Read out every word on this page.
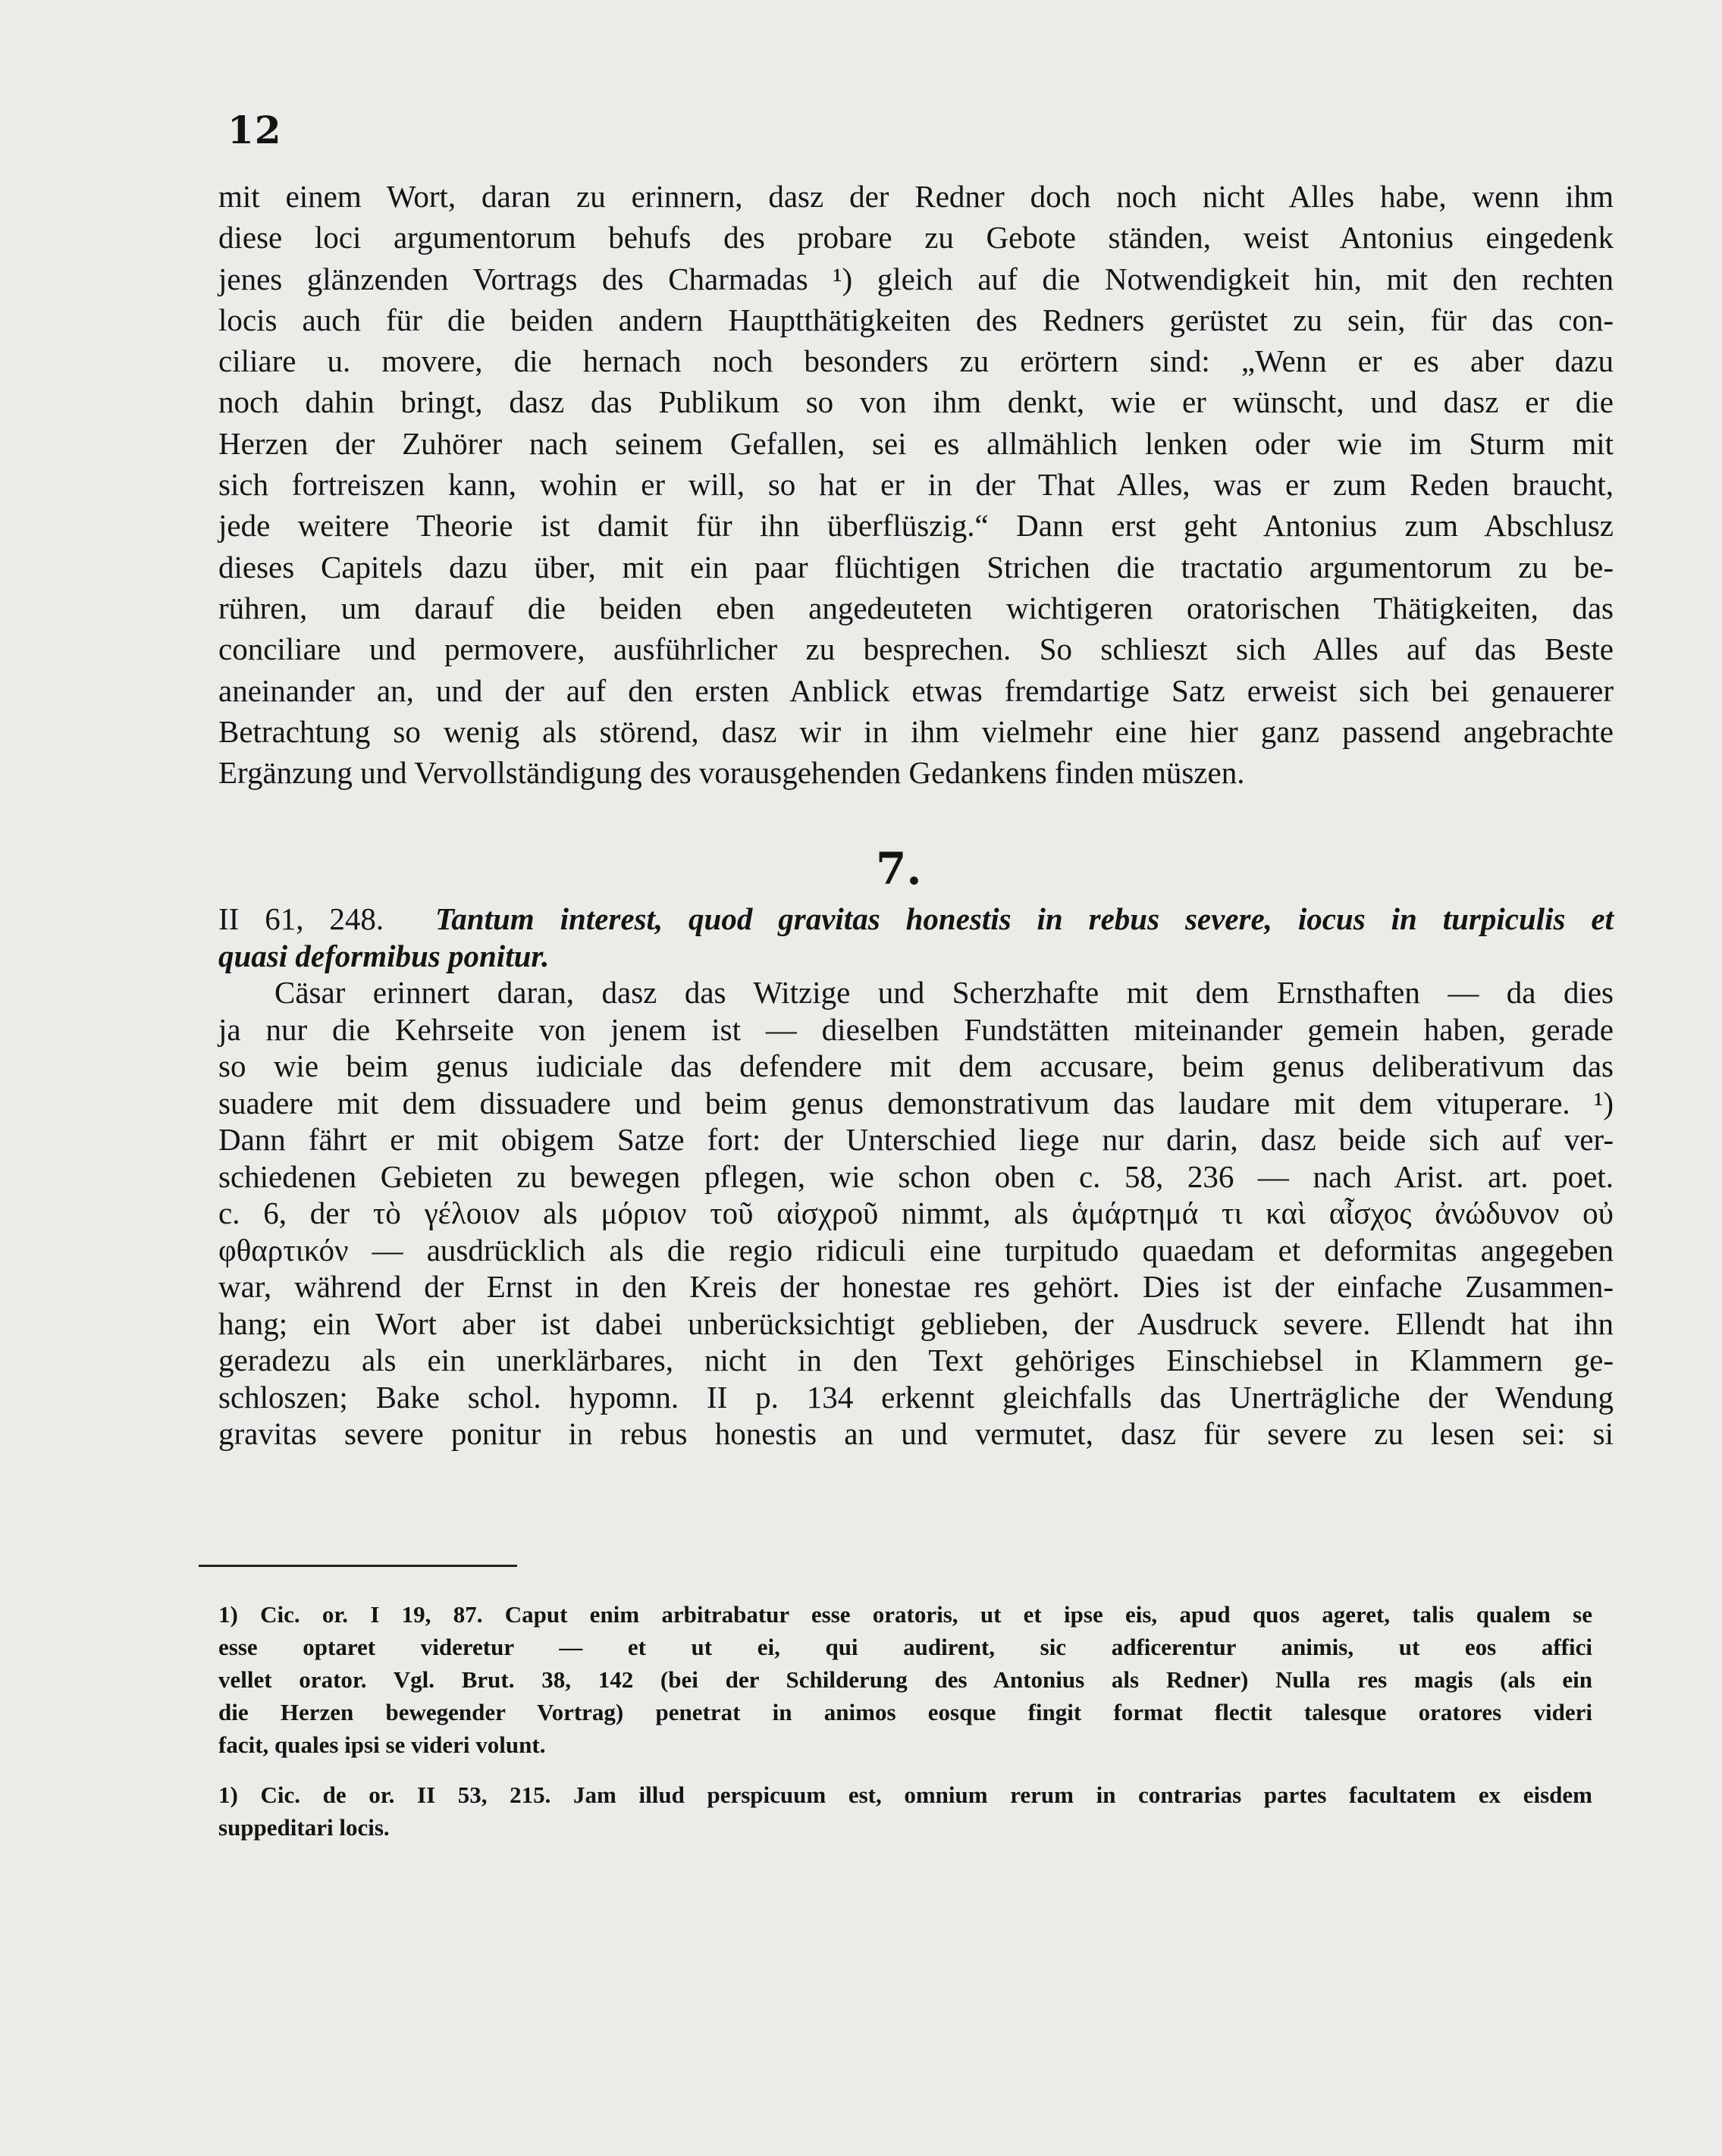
12
mit einem Wort, daran zu erinnern, dasz der Redner doch noch nicht Alles habe, wenn ihm
diese loci argumentorum behufs des probare zu Gebote ständen, weist Antonius eingedenk
jenes glänzenden Vortrags des Charmadas ¹) gleich auf die Notwendigkeit hin, mit den rechten
locis auch für die beiden andern Hauptthätigkeiten des Redners gerüstet zu sein, für das con-
ciliare u. movere, die hernach noch besonders zu erörtern sind: „Wenn er es aber dazu
noch dahin bringt, dasz das Publikum so von ihm denkt, wie er wünscht, und dasz er die
Herzen der Zuhörer nach seinem Gefallen, sei es allmählich lenken oder wie im Sturm mit
sich fortreiszen kann, wohin er will, so hat er in der That Alles, was er zum Reden braucht,
jede weitere Theorie ist damit für ihn überflüszig.“ Dann erst geht Antonius zum Abschlusz
dieses Capitels dazu über, mit ein paar flüchtigen Strichen die tractatio argumentorum zu be-
rühren, um darauf die beiden eben angedeuteten wichtigeren oratorischen Thätigkeiten, das
conciliare und permovere, ausführlicher zu besprechen. So schlieszt sich Alles auf das Beste
aneinander an, und der auf den ersten Anblick etwas fremdartige Satz erweist sich bei genauerer
Betrachtung so wenig als störend, dasz wir in ihm vielmehr eine hier ganz passend angebrachte
Ergänzung und Vervollständigung des vorausgehenden Gedankens finden müszen.
7.
II 61, 248. Tantum interest, quod gravitas honestis in rebus severe, iocus in turpiculis et
quasi deformibus ponitur.
Cäsar erinnert daran, dasz das Witzige und Scherzhafte mit dem Ernsthaften — da dies
ja nur die Kehrseite von jenem ist — dieselben Fundstätten miteinander gemein haben, gerade
so wie beim genus iudiciale das defendere mit dem accusare, beim genus deliberativum das
suadere mit dem dissuadere und beim genus demonstrativum das laudare mit dem vituperare. ¹)
Dann fährt er mit obigem Satze fort: der Unterschied liege nur darin, dasz beide sich auf ver-
schiedenen Gebieten zu bewegen pflegen, wie schon oben c. 58, 236 — nach Arist. art. poet.
c. 6, der τὸ γέλοιον als μόριον τοῦ αἰσχροῦ nimmt, als ἁμάρτημά τι καὶ αἶσχος ἀνώδυνον οὐ
φθαρτικόν — ausdrücklich als die regio ridiculi eine turpitudo quaedam et deformitas angegeben
war, während der Ernst in den Kreis der honestae res gehört. Dies ist der einfache Zusammen-
hang; ein Wort aber ist dabei unberücksichtigt geblieben, der Ausdruck severe. Ellendt hat ihn
geradezu als ein unerklärbares, nicht in den Text gehöriges Einschiebsel in Klammern ge-
schloszen; Bake schol. hypomn. II p. 134 erkennt gleichfalls das Unerträgliche der Wendung
gravitas severe ponitur in rebus honestis an und vermutet, dasz für severe zu lesen sei: si
1) Cic. or. I 19, 87. Caput enim arbitrabatur esse oratoris, ut et ipse eis, apud quos ageret, talis qualem se
esse optaret videretur — et ut ei, qui audirent, sic adficerentur animis, ut eos affici
vellet orator. Vgl. Brut. 38, 142 (bei der Schilderung des Antonius als Redner) Nulla res magis (als ein
die Herzen bewegender Vortrag) penetrat in animos eosque fingit format flectit talesque oratores videri
facit, quales ipsi se videri volunt.
1) Cic. de or. II 53, 215. Jam illud perspicuum est, omnium rerum in contrarias partes facultatem ex eisdem
suppeditari locis.
